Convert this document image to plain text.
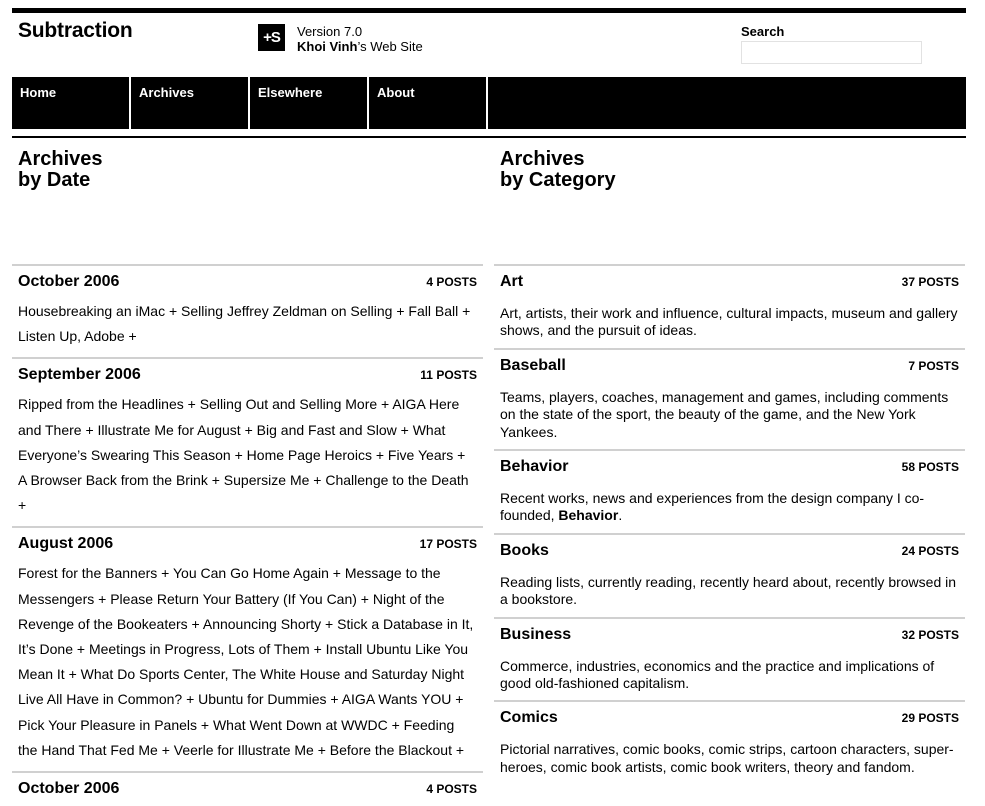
Subtraction	+S	Version 7.0
Khoi Vinh’s Web Site
Search
Home	Archives	Elsewhere	About
Archives
by Date
Archives
by Category
October 2006	4 POSTS
Housebreaking an iMac + Selling Jeffrey Zeldman on Selling + Fall Ball + Listen Up, Adobe +
September 2006	11 POSTS
Ripped from the Headlines + Selling Out and Selling More + AIGA Here and There + Illustrate Me for August + Big and Fast and Slow + What Everyone’s Swearing This Season + Home Page Heroics + Five Years + A Browser Back from the Brink + Supersize Me + Challenge to the Death +
August 2006	17 POSTS
Forest for the Banners + You Can Go Home Again + Message to the Messengers + Please Return Your Battery (If You Can) + Night of the Revenge of the Bookeaters + Announcing Shorty + Stick a Database in It, It’s Done + Meetings in Progress, Lots of Them + Install Ubuntu Like You Mean It + What Do Sports Center, The White House and Saturday Night Live All Have in Common? + Ubuntu for Dummies + AIGA Wants YOU + Pick Your Pleasure in Panels + What Went Down at WWDC + Feeding the Hand That Fed Me + Veerle for Illustrate Me + Before the Blackout +
October 2006	4 POSTS
Art	37 POSTS
Art, artists, their work and influence, cultural impacts, museum and gallery shows, and the pursuit of ideas.
Baseball	7 POSTS
Teams, players, coaches, management and games, including comments on the state of the sport, the beauty of the game, and the New York Yankees.
Behavior	58 POSTS
Recent works, news and experiences from the design company I co-founded, Behavior.
Books	24 POSTS
Reading lists, currently reading, recently heard about, recently browsed in a bookstore.
Business	32 POSTS
Commerce, industries, economics and the practice and implications of good old-fashioned capitalism.
Comics	29 POSTS
Pictorial narratives, comic books, comic strips, cartoon characters, super-heroes, comic book artists, comic book writers, theory and fandom.
